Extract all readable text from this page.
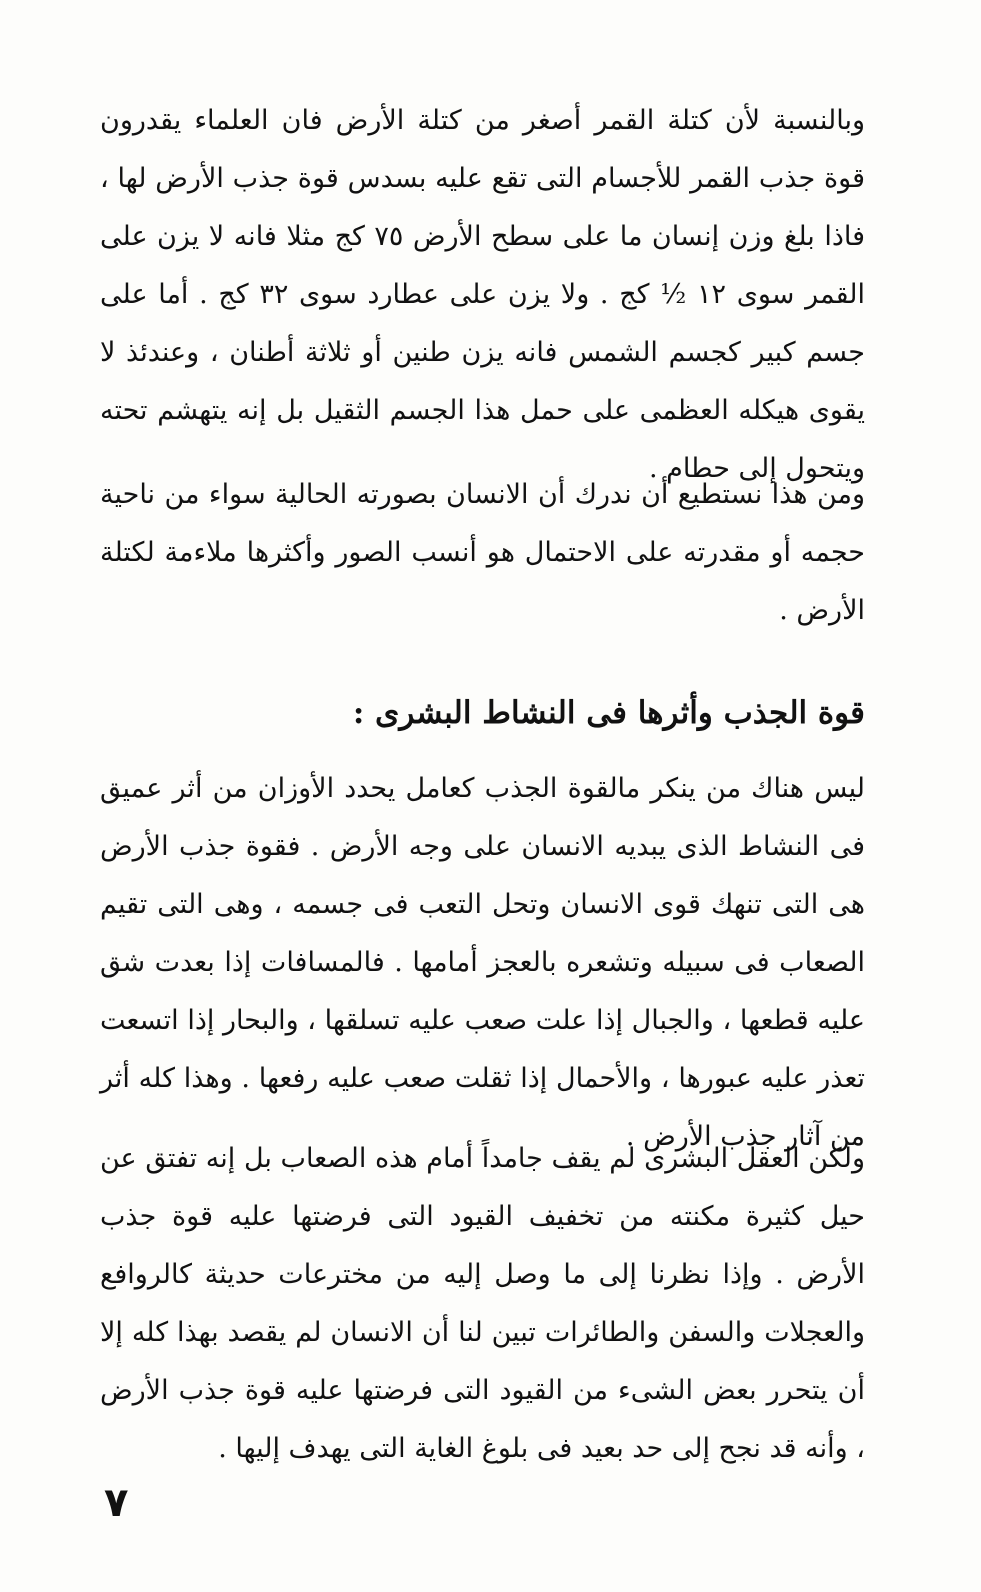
وبالنسبة لأن كتلة القمر أصغر من كتلة الأرض فان العلماء يقدرون قوة جذب القمر للأجسام التى تقع عليه بسدس قوة جذب الأرض لها ، فاذا بلغ وزن إنسان ما على سطح الأرض ٧٥ كج مثلا فانه لا يزن على القمر سوى ١٢ ½ كج . ولا يزن على عطارد سوى ٣٢ كج . أما على جسم كبير كجسم الشمس فانه يزن طنين أو ثلاثة أطنان ، وعندئذ لا يقوى هيكله العظمى على حمل هذا الجسم الثقيل بل إنه يتهشم تحته ويتحول إلى حطام .

ومن هذا نستطيع أن ندرك أن الانسان بصورته الحالية سواء من ناحية حجمه أو مقدرته على الاحتمال هو أنسب الصور وأكثرها ملاءمة لكتلة الأرض .

قوة الجذب وأثرها فى النشاط البشرى :

ليس هناك من ينكر مالقوة الجذب كعامل يحدد الأوزان من أثر عميق فى النشاط الذى يبديه الانسان على وجه الأرض . فقوة جذب الأرض هى التى تنهك قوى الانسان وتحل التعب فى جسمه ، وهى التى تقيم الصعاب فى سبيله وتشعره بالعجز أمامها . فالمسافات إذا بعدت شق عليه قطعها ، والجبال إذا علت صعب عليه تسلقها ، والبحار إذا اتسعت تعذر عليه عبورها ، والأحمال إذا ثقلت صعب عليه رفعها . وهذا كله أثر من آثار جذب الأرض .

ولكن العقل البشرى لم يقف جامداً أمام هذه الصعاب بل إنه تفتق عن حيل كثيرة مكنته من تخفيف القيود التى فرضتها عليه قوة جذب الأرض . وإذا نظرنا إلى ما وصل إليه من مخترعات حديثة كالروافع والعجلات والسفن والطائرات تبين لنا أن الانسان لم يقصد بهذا كله إلا أن يتحرر بعض الشىء من القيود التى فرضتها عليه قوة جذب الأرض ، وأنه قد نجح إلى حد بعيد فى بلوغ الغاية التى يهدف إليها .

٧
